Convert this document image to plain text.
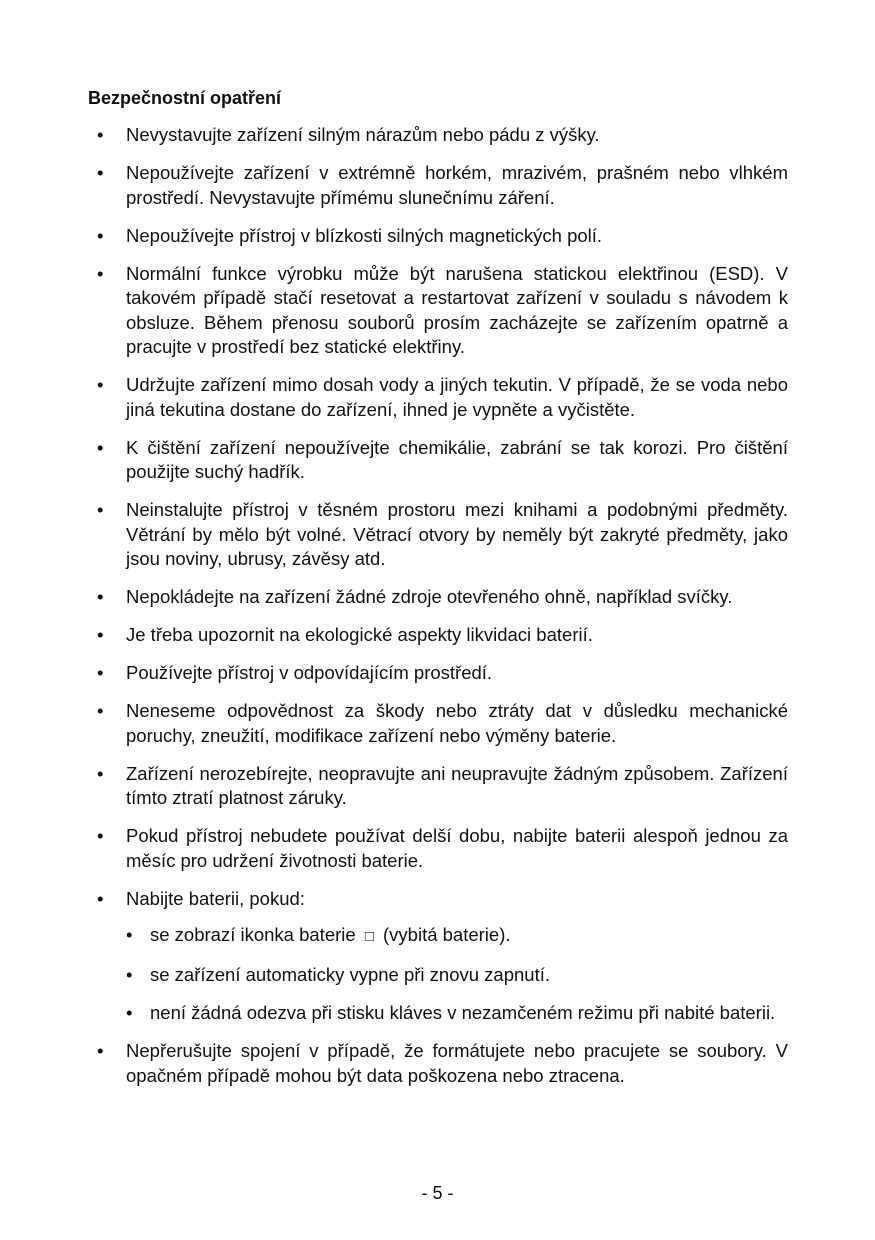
Bezpečnostní opatření
• Nevystavujte zařízení silným nárazům nebo pádu z výšky.
• Nepoužívejte zařízení v extrémně horkém, mrazivém, prašném nebo vlhkém prostředí. Nevystavujte přímému slunečnímu záření.
• Nepoužívejte přístroj v blízkosti silných magnetických polí.
• Normální funkce výrobku může být narušena statickou elektřinou (ESD). V takovém případě stačí resetovat a restartovat zařízení v souladu s návodem k obsluze. Během přenosu souborů prosím zacházejte se zařízením opatrně a pracujte v prostředí bez statické elektřiny.
• Udržujte zařízení mimo dosah vody a jiných tekutin. V případě, že se voda nebo jiná tekutina dostane do zařízení, ihned je vypněte a vyčistěte.
• K čištění zařízení nepoužívejte chemikálie, zabrání se tak korozi. Pro čištění použijte suchý hadřík.
• Neinstalujte přístroj v těsném prostoru mezi knihami a podobnými předměty. Větrání by mělo být volné. Větrací otvory by neměly být zakryté předměty, jako jsou noviny, ubrusy, závěsy atd.
• Nepokládejte na zařízení žádné zdroje otevřeného ohně, například svíčky.
• Je třeba upozornit na ekologické aspekty likvidaci baterií.
• Používejte přístroj v odpovídajícím prostředí.
• Neneseme odpovědnost za škody nebo ztráty dat v důsledku mechanické poruchy, zneužití, modifikace zařízení nebo výměny baterie.
• Zařízení nerozebírejte, neopravujte ani neupravujte žádným způsobem. Zařízení tímto ztratí platnost záruky.
• Pokud přístroj nebudete používat delší dobu, nabijte baterii alespoň jednou za měsíc pro udržení životnosti baterie.
• Nabijte baterii, pokud:
• se zobrazí ikonka baterie □ (vybitá baterie).
• se zařízení automaticky vypne při znovu zapnutí.
• není žádná odezva při stisku kláves v nezamčeném režimu při nabité baterii.
• Nepřerušujte spojení v případě, že formátujete nebo pracujete se soubory. V opačném případě mohou být data poškozena nebo ztracena.
- 5 -
